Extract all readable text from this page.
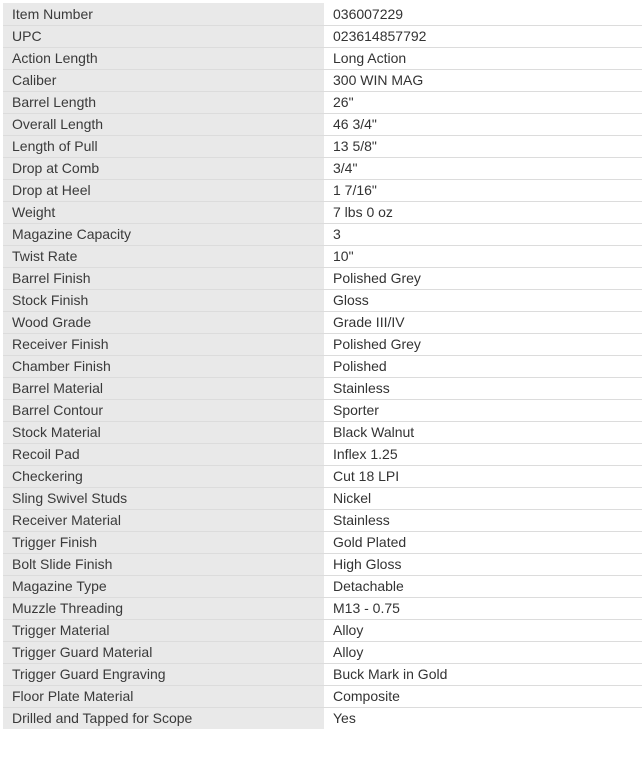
Item Number	036007229
UPC	023614857792
Action Length	Long Action
Caliber	300 WIN MAG
Barrel Length	26"
Overall Length	46 3/4"
Length of Pull	13 5/8"
Drop at Comb	3/4"
Drop at Heel	1 7/16"
Weight	7 lbs 0 oz
Magazine Capacity	3
Twist Rate	10"
Barrel Finish	Polished Grey
Stock Finish	Gloss
Wood Grade	Grade III/IV
Receiver Finish	Polished Grey
Chamber Finish	Polished
Barrel Material	Stainless
Barrel Contour	Sporter
Stock Material	Black Walnut
Recoil Pad	Inflex 1.25
Checkering	Cut 18 LPI
Sling Swivel Studs	Nickel
Receiver Material	Stainless
Trigger Finish	Gold Plated
Bolt Slide Finish	High Gloss
Magazine Type	Detachable
Muzzle Threading	M13 - 0.75
Trigger Material	Alloy
Trigger Guard Material	Alloy
Trigger Guard Engraving	Buck Mark in Gold
Floor Plate Material	Composite
Drilled and Tapped for Scope	Yes
